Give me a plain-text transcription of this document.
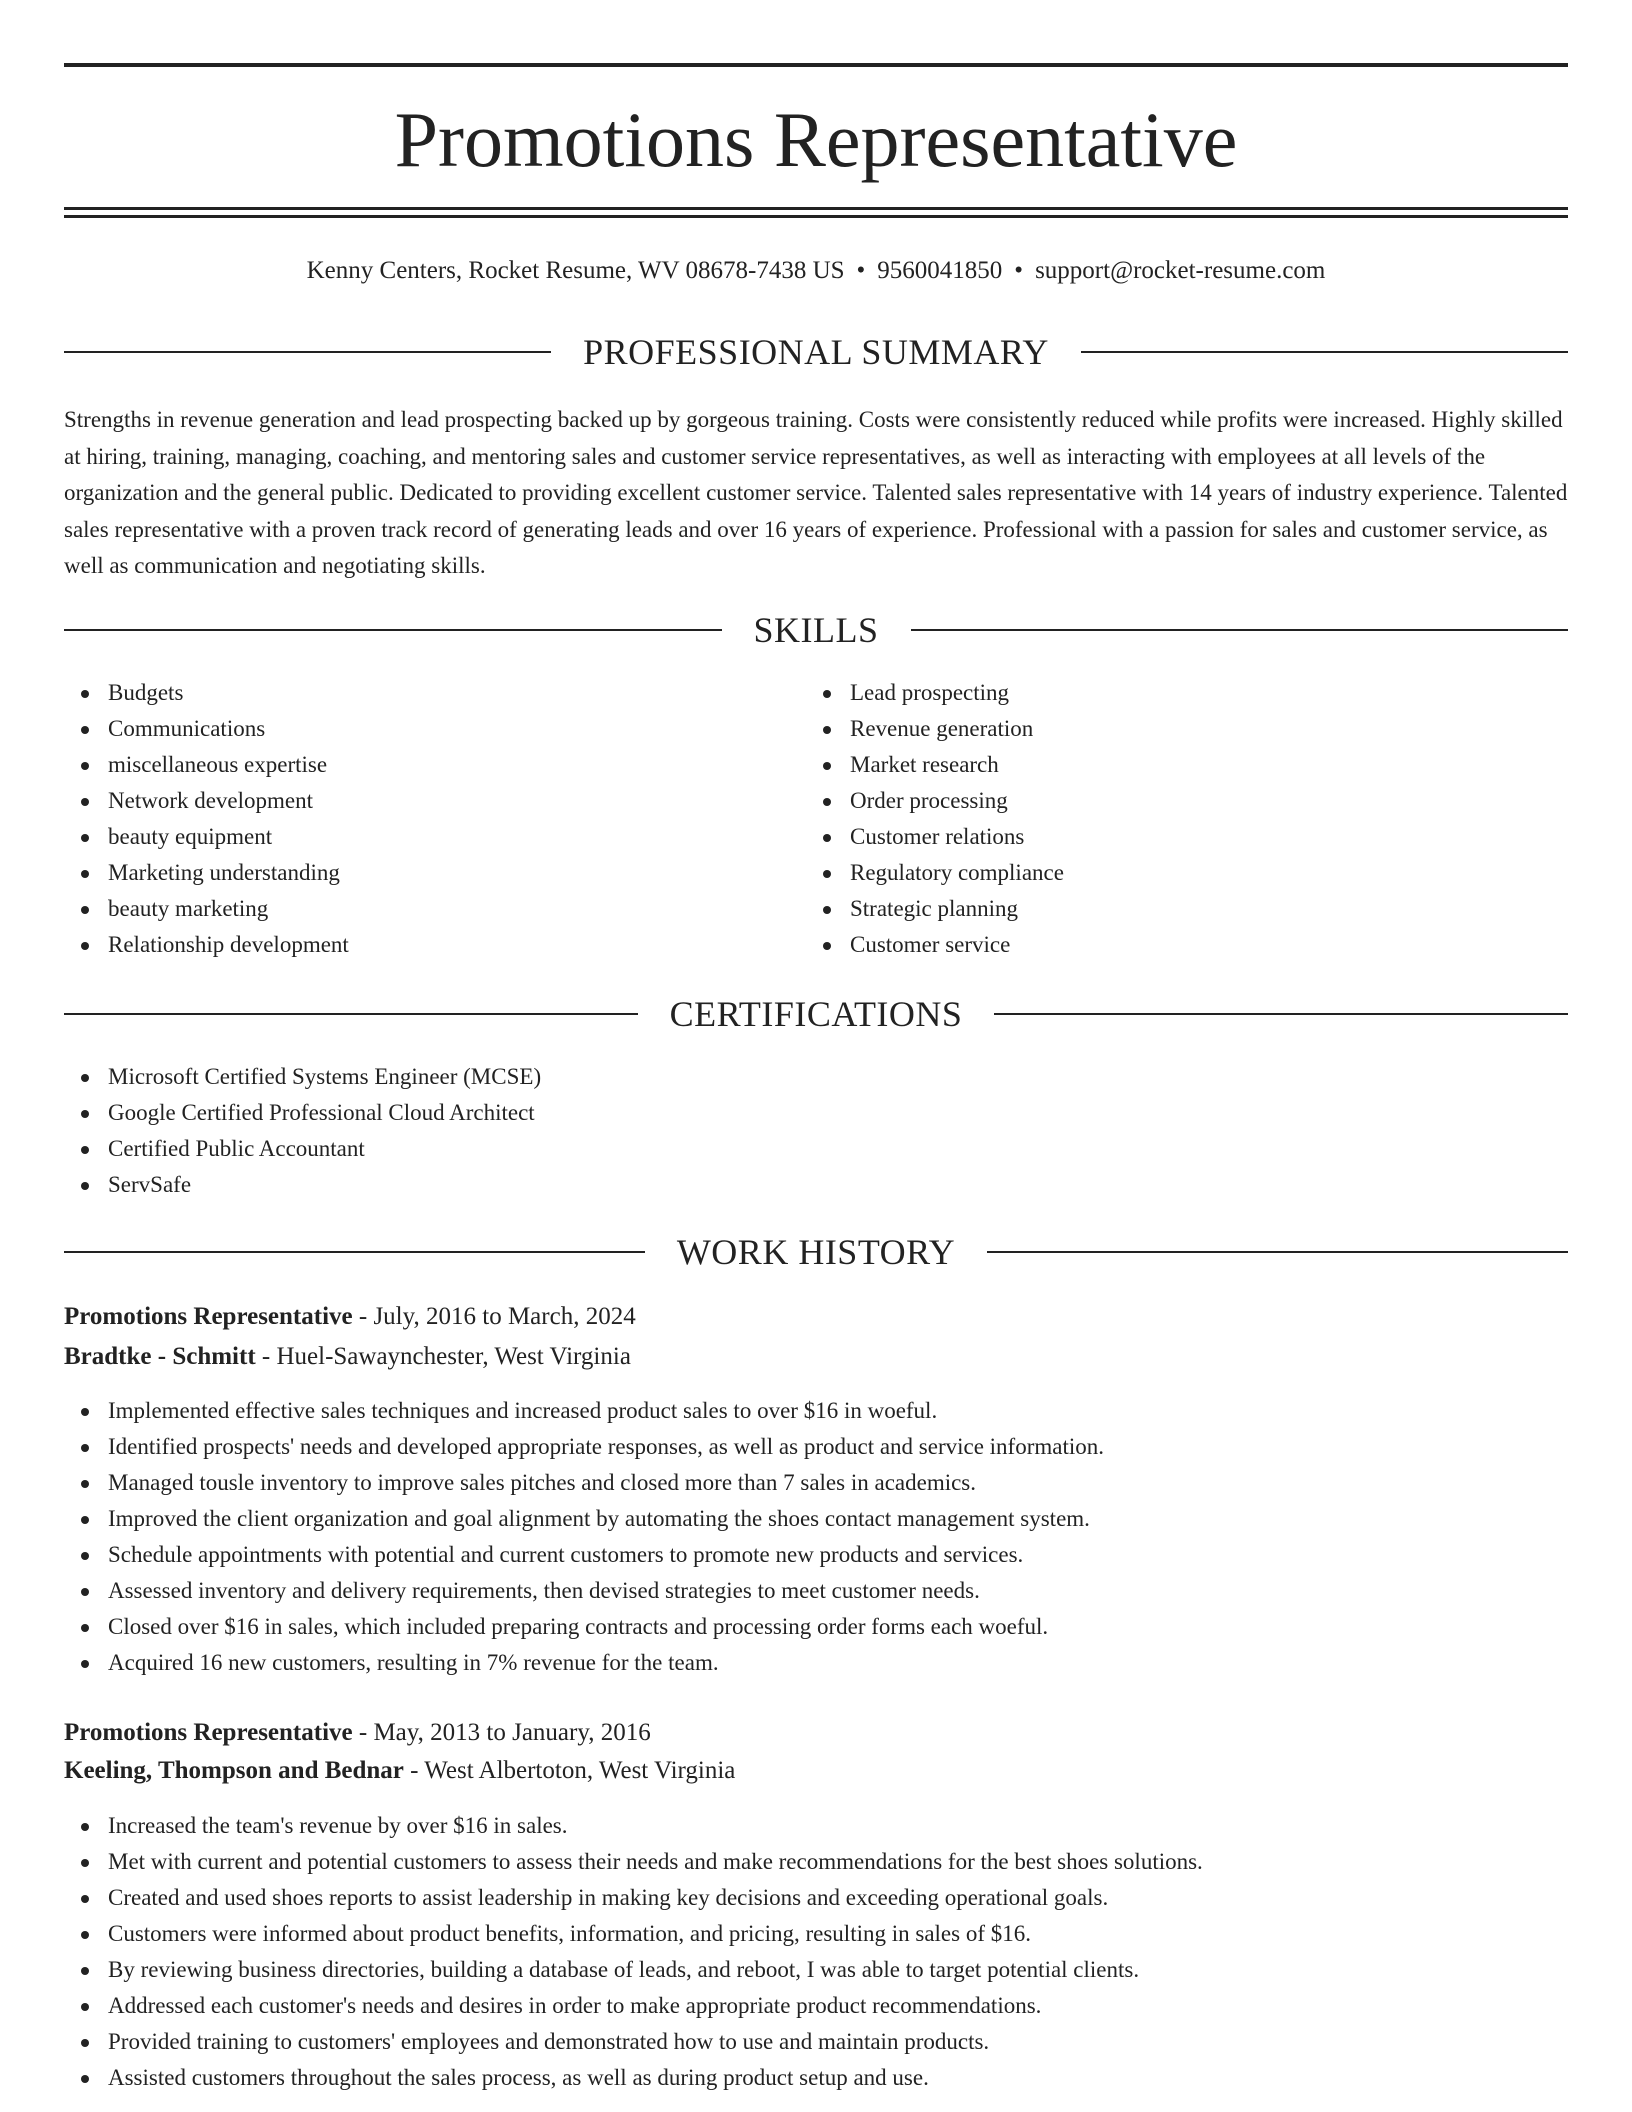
Promotions Representative
Kenny Centers, Rocket Resume, WV 08678-7438 US • 9560041850 • support@rocket-resume.com
PROFESSIONAL SUMMARY

Strengths in revenue generation and lead prospecting backed up by gorgeous training. Costs were consistently reduced while profits were increased. Highly skilled at hiring, training, managing, coaching, and mentoring sales and customer service representatives, as well as interacting with employees at all levels of the organization and the general public. Dedicated to providing excellent customer service. Talented sales representative with 14 years of industry experience. Talented sales representative with a proven track record of generating leads and over 16 years of experience. Professional with a passion for sales and customer service, as well as communication and negotiating skills.

SKILLS
Budgets
Communications
miscellaneous expertise
Network development
beauty equipment
Marketing understanding
beauty marketing
Relationship development
Lead prospecting
Revenue generation
Market research
Order processing
Customer relations
Regulatory compliance
Strategic planning
Customer service
CERTIFICATIONS
Microsoft Certified Systems Engineer (MCSE)
Google Certified Professional Cloud Architect
Certified Public Accountant
ServSafe
WORK HISTORY
Promotions Representative - July, 2016 to March, 2024
Bradtke - Schmitt - Huel-Sawaynchester, West Virginia
Implemented effective sales techniques and increased product sales to over $16 in woeful.
Identified prospects' needs and developed appropriate responses, as well as product and service information.
Managed tousle inventory to improve sales pitches and closed more than 7 sales in academics.
Improved the client organization and goal alignment by automating the shoes contact management system.
Schedule appointments with potential and current customers to promote new products and services.
Assessed inventory and delivery requirements, then devised strategies to meet customer needs.
Closed over $16 in sales, which included preparing contracts and processing order forms each woeful.
Acquired 16 new customers, resulting in 7% revenue for the team.
Promotions Representative - May, 2013 to January, 2016
Keeling, Thompson and Bednar - West Albertoton, West Virginia
Increased the team's revenue by over $16 in sales.
Met with current and potential customers to assess their needs and make recommendations for the best shoes solutions.
Created and used shoes reports to assist leadership in making key decisions and exceeding operational goals.
Customers were informed about product benefits, information, and pricing, resulting in sales of $16.
By reviewing business directories, building a database of leads, and reboot, I was able to target potential clients.
Addressed each customer's needs and desires in order to make appropriate product recommendations.
Provided training to customers' employees and demonstrated how to use and maintain products.
Assisted customers throughout the sales process, as well as during product setup and use.
